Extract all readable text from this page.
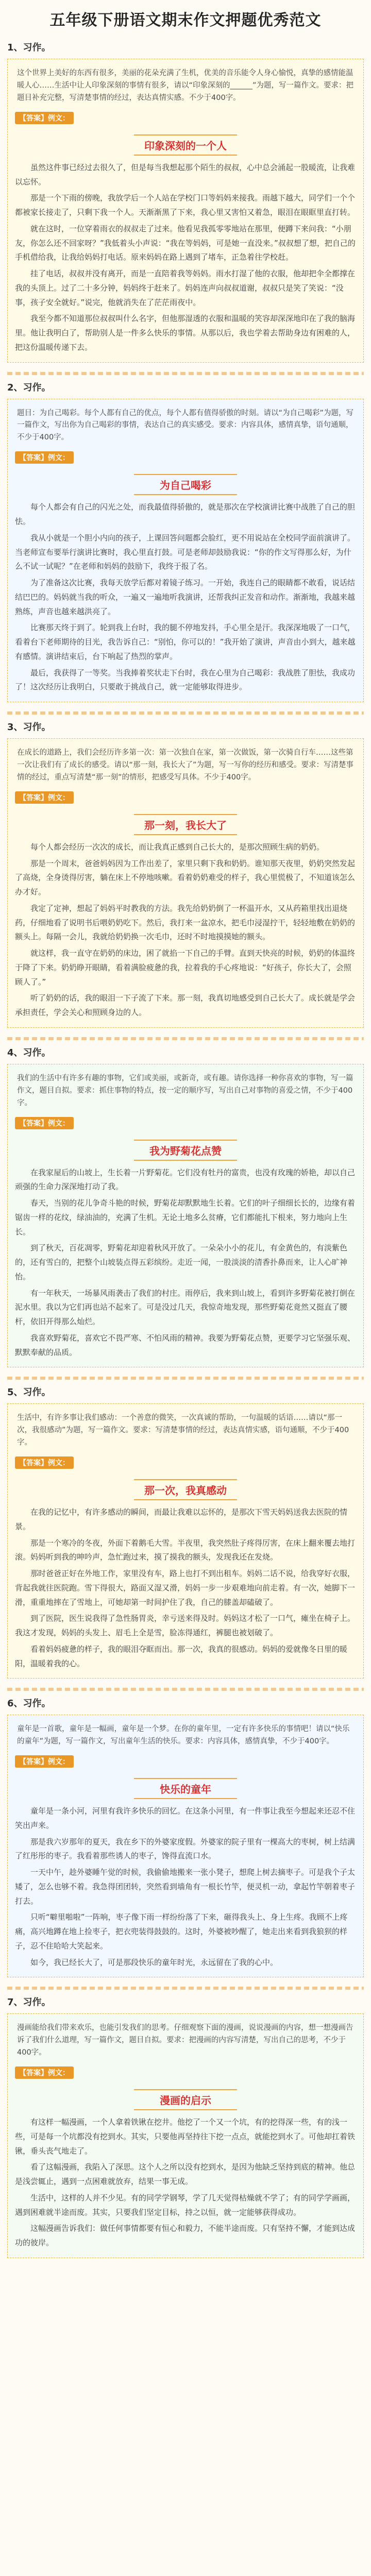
五年级下册语文期末作文押题优秀范文
1、习作。
这个世界上美好的东西有很多，美丽的花朵充满了生机，优美的音乐能令人身心愉悦，真挚的感情能温暖人心……生活中让人印象深刻的事情有很多，请以“印象深刻的______”为题，写一篇作文。要求：把题目补充完整，写清楚事情的经过，表达真情实感。不少于400字。
【答案】例文：
印象深刻的一个人

虽然这件事已经过去很久了，但是每当我想起那个陌生的叔叔，心中总会涌起一股暖流，让我难以忘怀。

那是一个下雨的傍晚，我放学后一个人站在学校门口等妈妈来接我。雨越下越大，同学们一个个都被家长接走了，只剩下我一个人。天渐渐黑了下来，我心里又害怕又着急，眼泪在眼眶里直打转。

就在这时，一位穿着雨衣的叔叔走了过来。他看见我孤零零地站在那里，便蹲下来问我：“小朋友，你怎么还不回家呀？”我低着头小声说：“我在等妈妈，可是她一直没来。”叔叔想了想，把自己的手机借给我，让我给妈妈打电话。原来妈妈在路上遇到了堵车，正急着往学校赶。

挂了电话，叔叔并没有离开，而是一直陪着我等妈妈。雨水打湿了他的衣服，他却把伞全都撑在我的头顶上。过了二十多分钟，妈妈终于赶来了。妈妈连声向叔叔道谢，叔叔只是笑了笑说：“没事，孩子安全就好。”说完，他就消失在了茫茫雨夜中。

我至今都不知道那位叔叔叫什么名字，但他那湿透的衣服和温暖的笑容却深深地印在了我的脑海里。他让我明白了，帮助别人是一件多么快乐的事情。从那以后，我也学着去帮助身边有困难的人，把这份温暖传递下去。

2、习作。
题目：为自己喝彩。每个人都有自己的优点，每个人都有值得骄傲的时刻。请以“为自己喝彩”为题，写一篇作文，写出你为自己喝彩的事情，表达自己的真实感受。要求：内容具体，感情真挚，语句通顺，不少于400字。
【答案】例文：
为自己喝彩

每个人都会有自己的闪光之处，而我最值得骄傲的，就是那次在学校演讲比赛中战胜了自己的胆怯。

我从小就是一个胆小内向的孩子，上课回答问题都会脸红，更不用说站在全校同学面前演讲了。当老师宣布要举行演讲比赛时，我心里直打鼓。可是老师却鼓励我说：“你的作文写得那么好，为什么不试一试呢？”在老师和妈妈的鼓励下，我终于报了名。

为了准备这次比赛，我每天放学后都对着镜子练习。一开始，我连自己的眼睛都不敢看，说话结结巴巴的。妈妈就当我的听众，一遍又一遍地听我演讲，还帮我纠正发音和动作。渐渐地，我越来越熟练，声音也越来越洪亮了。

比赛那天终于到了。轮到我上台时，我的腿不停地发抖，手心里全是汗。我深深地吸了一口气，看着台下老师期待的目光，我告诉自己：“别怕，你可以的！”我开始了演讲，声音由小到大，越来越有感情。演讲结束后，台下响起了热烈的掌声。

最后，我获得了一等奖。当我捧着奖状走下台时，我在心里为自己喝彩：我战胜了胆怯，我成功了！这次经历让我明白，只要敢于挑战自己，就一定能够取得进步。

3、习作。
在成长的道路上，我们会经历许多第一次：第一次独自在家，第一次做饭，第一次骑自行车……这些第一次让我们有了成长的感受。请以“那一刻，我长大了”为题，写一写你的经历和感受。要求：写清楚事情的经过，重点写清楚“那一刻”的情形，把感受写具体。不少于400字。
【答案】例文：
那一刻，我长大了

每个人都会经历一次次的成长，而让我真正感到自己长大的，是那次照顾生病的奶奶。

那是一个周末，爸爸妈妈因为工作出差了，家里只剩下我和奶奶。谁知那天夜里，奶奶突然发起了高烧，全身烫得厉害，躺在床上不停地咳嗽。看着奶奶难受的样子，我心里慌极了，不知道该怎么办才好。

我定了定神，想起了妈妈平时教我的方法。我先给奶奶倒了一杯温开水，又从药箱里找出退烧药，仔细地看了说明书后喂奶奶吃下。然后，我打来一盆凉水，把毛巾浸湿拧干，轻轻地敷在奶奶的额头上。每隔一会儿，我就给奶奶换一次毛巾，还时不时地摸摸她的额头。

就这样，我一直守在奶奶的床边，困了就掐一下自己的手臂。直到天快亮的时候，奶奶的体温终于降了下来。奶奶睁开眼睛，看着满脸疲惫的我，拉着我的手心疼地说：“好孩子，你长大了，会照顾人了。”

听了奶奶的话，我的眼泪一下子流了下来。那一刻，我真切地感受到自己长大了。成长就是学会承担责任，学会关心和照顾身边的人。

4、习作。
我们的生活中有许多有趣的事物，它们或美丽，或新奇，或有趣。请你选择一种你喜欢的事物，写一篇作文，题目自拟。要求：抓住事物的特点，按一定的顺序写，写出自己对事物的喜爱之情，不少于400字。
【答案】例文：
我为野菊花点赞

在我家屋后的山坡上，生长着一片野菊花。它们没有牡丹的富贵，也没有玫瑰的娇艳，却以自己顽强的生命力深深地打动了我。

春天，当别的花儿争奇斗艳的时候，野菊花却默默地生长着。它们的叶子细细长长的，边缘有着锯齿一样的花纹，绿油油的，充满了生机。无论土地多么贫瘠，它们都能扎下根来，努力地向上生长。

到了秋天，百花凋零，野菊花却迎着秋风开放了。一朵朵小小的花儿，有金黄色的，有淡紫色的，还有雪白的，把整个山坡装点得五彩缤纷。走近一闻，一股淡淡的清香扑鼻而来，让人心旷神怡。

有一年秋天，一场暴风雨袭击了我们的村庄。雨停后，我来到山坡上，看到许多野菊花被打倒在泥水里。我以为它们再也站不起来了。可是没过几天，我惊奇地发现，那些野菊花竟然又挺直了腰杆，依旧开得那么灿烂。

我喜欢野菊花，喜欢它不畏严寒、不怕风雨的精神。我要为野菊花点赞，更要学习它坚强乐观、默默奉献的品质。

5、习作。
生活中，有许多事让我们感动：一个善意的微笑，一次真诚的帮助，一句温暖的话语……请以“那一次，我很感动”为题，写一篇作文。要求：写清楚事情的经过，表达真情实感，语句通顺，不少于400字。
【答案】例文：
那一次，我真感动

在我的记忆中，有许多感动的瞬间，而最让我难以忘怀的，是那次下雪天妈妈送我去医院的情景。

那是一个寒冷的冬夜，外面下着鹅毛大雪。半夜里，我突然肚子疼得厉害，在床上翻来覆去地打滚。妈妈听到我的呻吟声，急忙跑过来，摸了摸我的额头，发现我还在发烧。

那时爸爸正好在外地工作，家里没有车，路上也打不到出租车。妈妈二话不说，给我穿好衣服，背起我就往医院跑。雪下得很大，路面又湿又滑，妈妈一步一步艰难地向前走着。有一次，她脚下一滑，重重地摔在了雪地上，可她却第一时间护住了我，自己的膝盖却磕破了。

到了医院，医生说我得了急性肠胃炎，幸亏送来得及时。妈妈这才松了一口气，瘫坐在椅子上。我这才发现，妈妈的头发上、眉毛上全是雪，脸冻得通红，裤腿也被划破了。

看着妈妈疲惫的样子，我的眼泪夺眶而出。那一次，我真的很感动。妈妈的爱就像冬日里的暖阳，温暖着我的心。

6、习作。
童年是一首歌，童年是一幅画，童年是一个梦。在你的童年里，一定有许多快乐的事情吧！请以“快乐的童年”为题，写一篇作文，写出童年生活的快乐。要求：内容具体，感情真挚，不少于400字。
【答案】例文：
快乐的童年

童年是一条小河，河里有我许多快乐的回忆。在这条小河里，有一件事让我至今想起来还忍不住笑出声来。

那是我六岁那年的夏天，我在乡下的外婆家度假。外婆家的院子里有一棵高大的枣树，树上结满了红彤彤的枣子。我看着那些诱人的枣子，馋得直流口水。

一天中午，趁外婆睡午觉的时候，我偷偷地搬来一张小凳子，想爬上树去摘枣子。可是我个子太矮了，怎么也够不着。我急得团团转，突然看到墙角有一根长竹竿，便灵机一动，拿起竹竿朝着枣子打去。

只听“噼里啪啦”一阵响，枣子像下雨一样纷纷落了下来，砸得我头上、身上生疼。我顾不上疼痛，高兴地蹲在地上捡枣子，把衣兜装得鼓鼓的。这时，外婆被吵醒了，她走出来看到我狼狈的样子，忍不住哈哈大笑起来。

如今，我已经长大了，可是那段快乐的童年时光，永远留在了我的心中。

7、习作。
漫画能给我们带来欢乐，也能引发我们的思考。仔细观察下面的漫画，说说漫画的内容，想一想漫画告诉了我们什么道理，写一篇作文，题目自拟。要求：把漫画的内容写清楚，写出自己的思考，不少于400字。
【答案】例文：
漫画的启示

有这样一幅漫画，一个人拿着铁锹在挖井。他挖了一个又一个坑，有的挖得深一些，有的浅一些，可是每一个坑都没有挖到水。其实，只要他再坚持往下挖一点点，就能挖到水了。可他却扛着铁锹，垂头丧气地走了。

看了这幅漫画，我陷入了深思。这个人之所以没有挖到水，是因为他缺乏坚持到底的精神。他总是浅尝辄止，遇到一点困难就放弃，结果一事无成。

生活中，这样的人并不少见。有的同学学钢琴，学了几天觉得枯燥就不学了；有的同学学画画，遇到困难就半途而废。其实，只要我们坚定目标，持之以恒，就一定能够获得成功。

这幅漫画告诉我们：做任何事情都要有恒心和毅力，不能半途而废。只有坚持不懈，才能到达成功的彼岸。
